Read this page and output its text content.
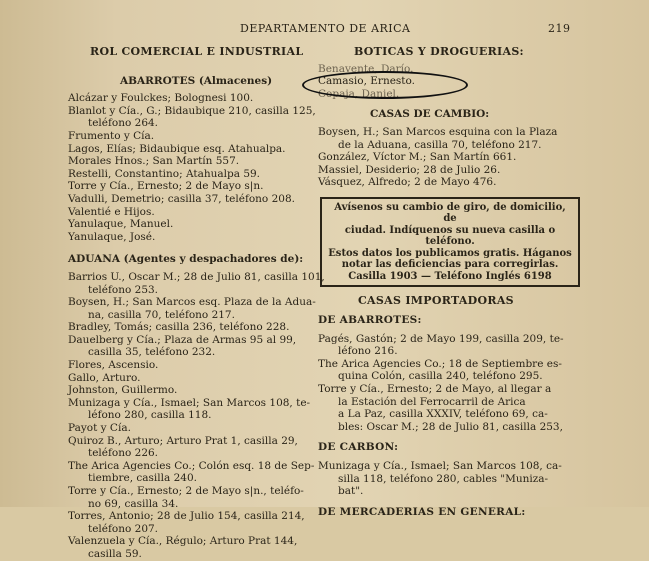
DEPARTAMENTO DE ARICA	219
ROL COMERCIAL E INDUSTRIAL
ABARROTES (Almacenes)
Alcázar y Foulckes; Bolognesi 100.
Blanlot y Cía., G.; Bidaubique 210, casilla 125,
teléfono 264.
Frumento y Cía.
Lagos, Elías; Bidaubique esq. Atahualpa.
Morales Hnos.; San Martín 557.
Restelli, Constantino; Atahualpa 59.
Torre y Cía., Ernesto; 2 de Mayo s|n.
Vadulli, Demetrio; casilla 37, teléfono 208.
Valentié e Hijos.
Yanulaque, Manuel.
Yanulaque, José.
ADUANA (Agentes y despachadores de):
Barrios U., Oscar M.; 28 de Julio 81, casilla 101,
teléfono 253.
Boysen, H.; San Marcos esq. Plaza de la Adua-
na, casilla 70, teléfono 217.
Bradley, Tomás; casilla 236, teléfono 228.
Dauelberg y Cía.; Plaza de Armas 95 al 99,
casilla 35, teléfono 232.
Flores, Ascensio.
Gallo, Arturo.
Johnston, Guillermo.
Munizaga y Cía., Ismael; San Marcos 108, te-
léfono 280, casilla 118.
Payot y Cía.
Quiroz B., Arturo; Arturo Prat 1, casilla 29,
teléfono 226.
The Arica Agencies Co.; Colón esq. 18 de Sep-
tiembre, casilla 240.
Torre y Cía., Ernesto; 2 de Mayo s|n., teléfo-
no 69, casilla 34.
Torres, Antonio; 28 de Julio 154, casilla 214,
teléfono 207.
Valenzuela y Cía., Régulo; Arturo Prat 144,
casilla 59.
BOTICAS Y DROGUERIAS:
Benavente, Darío.
Camasio, Ernesto.
Copaja, Daniel.
CASAS DE CAMBIO:
Boysen, H.; San Marcos esquina con la Plaza
de la Aduana, casilla 70, teléfono 217.
González, Víctor M.; San Martín 661.
Massiel, Desiderio; 28 de Julio 26.
Vásquez, Alfredo; 2 de Mayo 476.
Avísenos su cambio de giro, de domicilio, de
ciudad. Indíquenos su nueva casilla o teléfono.
Estos datos los publicamos gratis. Háganos
notar las deficiencias para corregirlas.
Casilla 1903 — Teléfono Inglés 6198
CASAS IMPORTADORAS
DE ABARROTES:
Pagés, Gastón; 2 de Mayo 199, casilla 209, te-
léfono 216.
The Arica Agencies Co.; 18 de Septiembre es-
quina Colón, casilla 240, teléfono 295.
Torre y Cía., Ernesto; 2 de Mayo, al llegar a
la Estación del Ferrocarril de Arica
a La Paz, casilla XXXIV, teléfono 69, ca-
bles: Oscar M.; 28 de Julio 81, casilla 253,
DE CARBON:
Munizaga y Cía., Ismael; San Marcos 108, ca-
silla 118, teléfono 280, cables "Muniza-
bat".
DE MERCADERIAS EN GENERAL:
